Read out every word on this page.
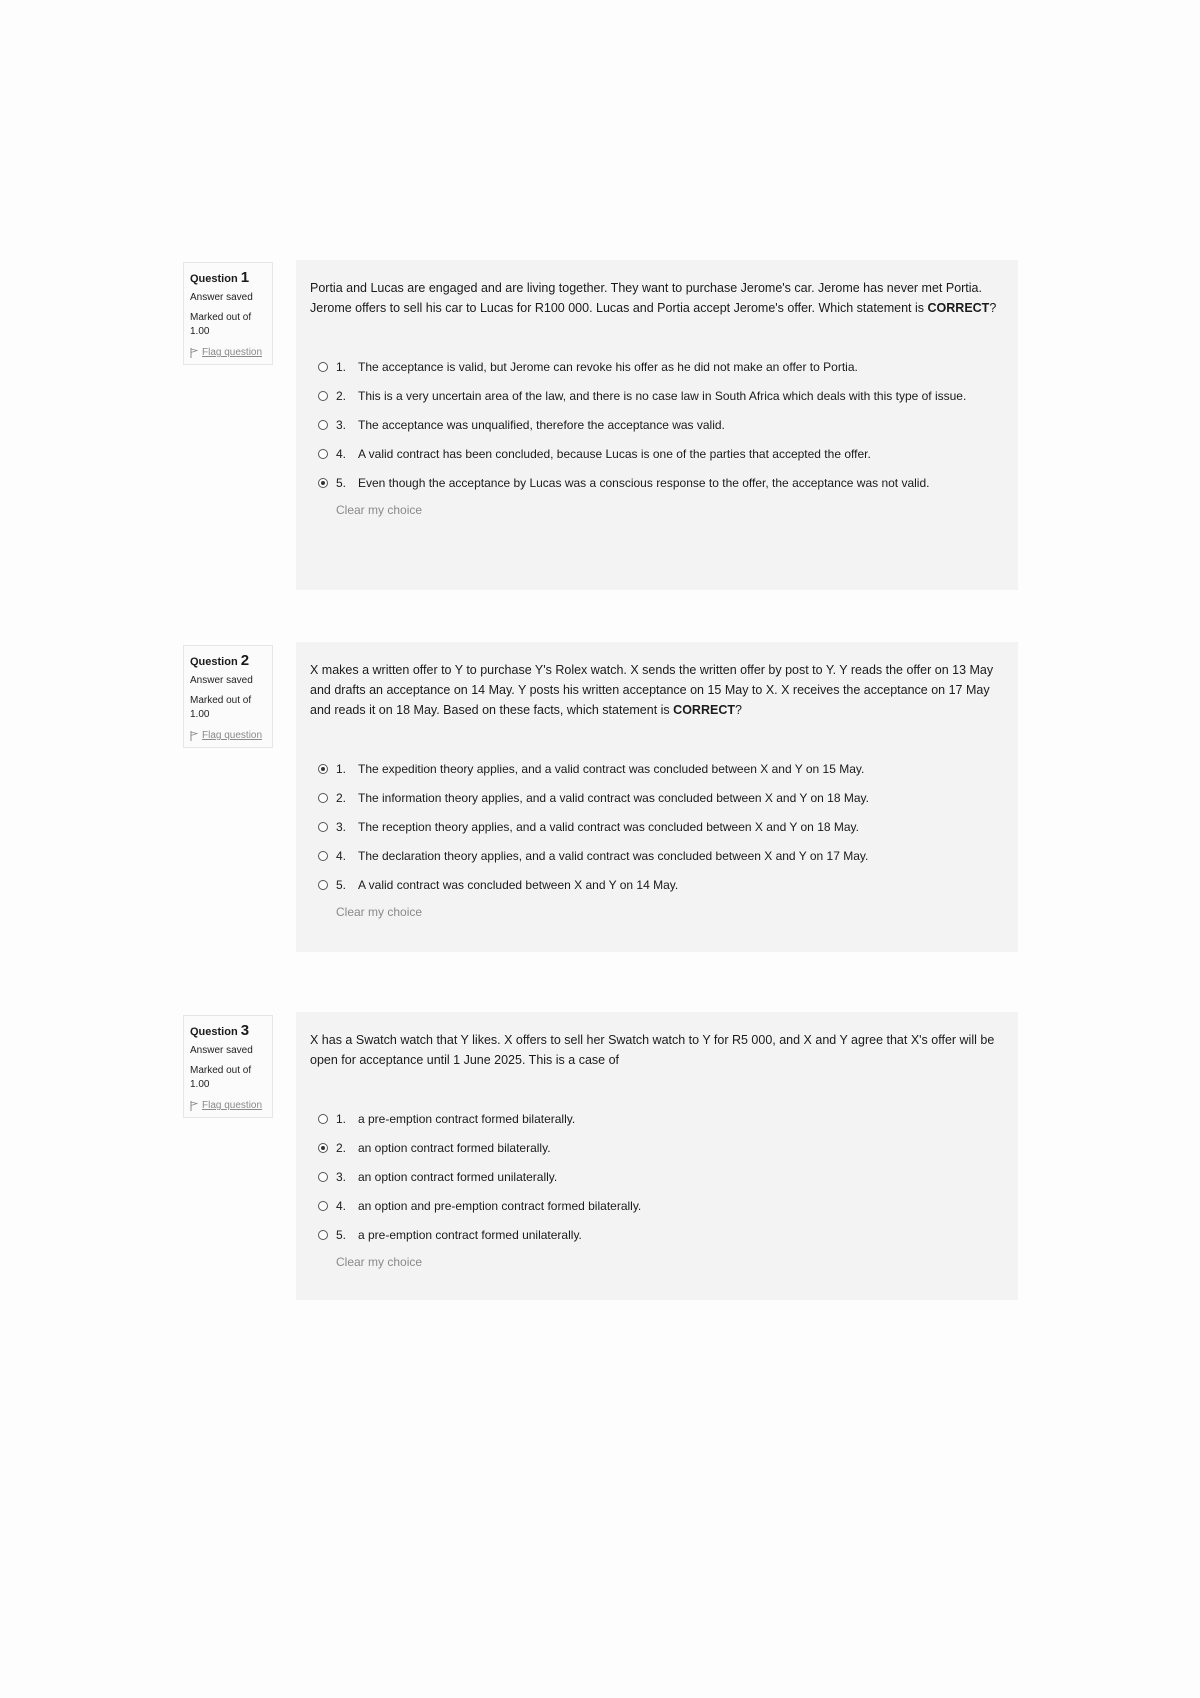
Question 1
Answer saved
Marked out of 1.00
Flag question

Portia and Lucas are engaged and are living together. They want to purchase Jerome's car. Jerome has never met Portia. Jerome offers to sell his car to Lucas for R100 000. Lucas and Portia accept Jerome's offer. Which statement is CORRECT?

1. The acceptance is valid, but Jerome can revoke his offer as he did not make an offer to Portia.
2. This is a very uncertain area of the law, and there is no case law in South Africa which deals with this type of issue.
3. The acceptance was unqualified, therefore the acceptance was valid.
4. A valid contract has been concluded, because Lucas is one of the parties that accepted the offer.
5. Even though the acceptance by Lucas was a conscious response to the offer, the acceptance was not valid.
Clear my choice
Question 2
Answer saved
Marked out of 1.00
Flag question

X makes a written offer to Y to purchase Y's Rolex watch. X sends the written offer by post to Y. Y reads the offer on 13 May and drafts an acceptance on 14 May. Y posts his written acceptance on 15 May to X. X receives the acceptance on 17 May and reads it on 18 May. Based on these facts, which statement is CORRECT?

1. The expedition theory applies, and a valid contract was concluded between X and Y on 15 May.
2. The information theory applies, and a valid contract was concluded between X and Y on 18 May.
3. The reception theory applies, and a valid contract was concluded between X and Y on 18 May.
4. The declaration theory applies, and a valid contract was concluded between X and Y on 17 May.
5. A valid contract was concluded between X and Y on 14 May.
Clear my choice
Question 3
Answer saved
Marked out of 1.00
Flag question

X has a Swatch watch that Y likes. X offers to sell her Swatch watch to Y for R5 000, and X and Y agree that X's offer will be open for acceptance until 1 June 2025. This is a case of

1. a pre-emption contract formed bilaterally.
2. an option contract formed bilaterally.
3. an option contract formed unilaterally.
4. an option and pre-emption contract formed bilaterally.
5. a pre-emption contract formed unilaterally.
Clear my choice
